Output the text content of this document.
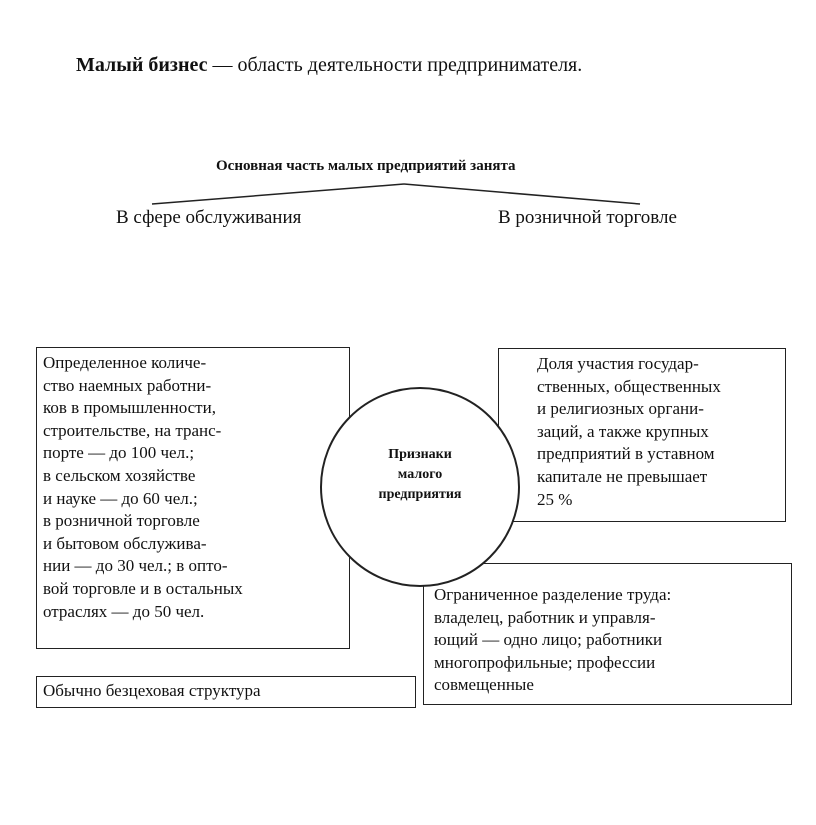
Малый бизнес — область деятельности предпринимателя.
Основная часть малых предприятий занята
В сфере обслуживания	В розничной торговле
Определенное количе-
ство наемных работни-
ков в промышленности,
строительстве, на транс-
порте — до 100 чел.;
в сельском хозяйстве
и науке — до 60 чел.;
в розничной торговле
и бытовом обслужива-
нии — до 30 чел.; в опто-
вой торговле и в остальных
отраслях — до 50 чел.
Обычно безцеховая структура
Доля участия государ-
ственных, общественных
и религиозных органи-
заций, а также крупных
предприятий в уставном
капитале не превышает
25 %
Ограниченное разделение труда:
владелец, работник и управля-
ющий — одно лицо; работники
многопрофильные; профессии
совмещенные
Признаки
малого
предприятия
